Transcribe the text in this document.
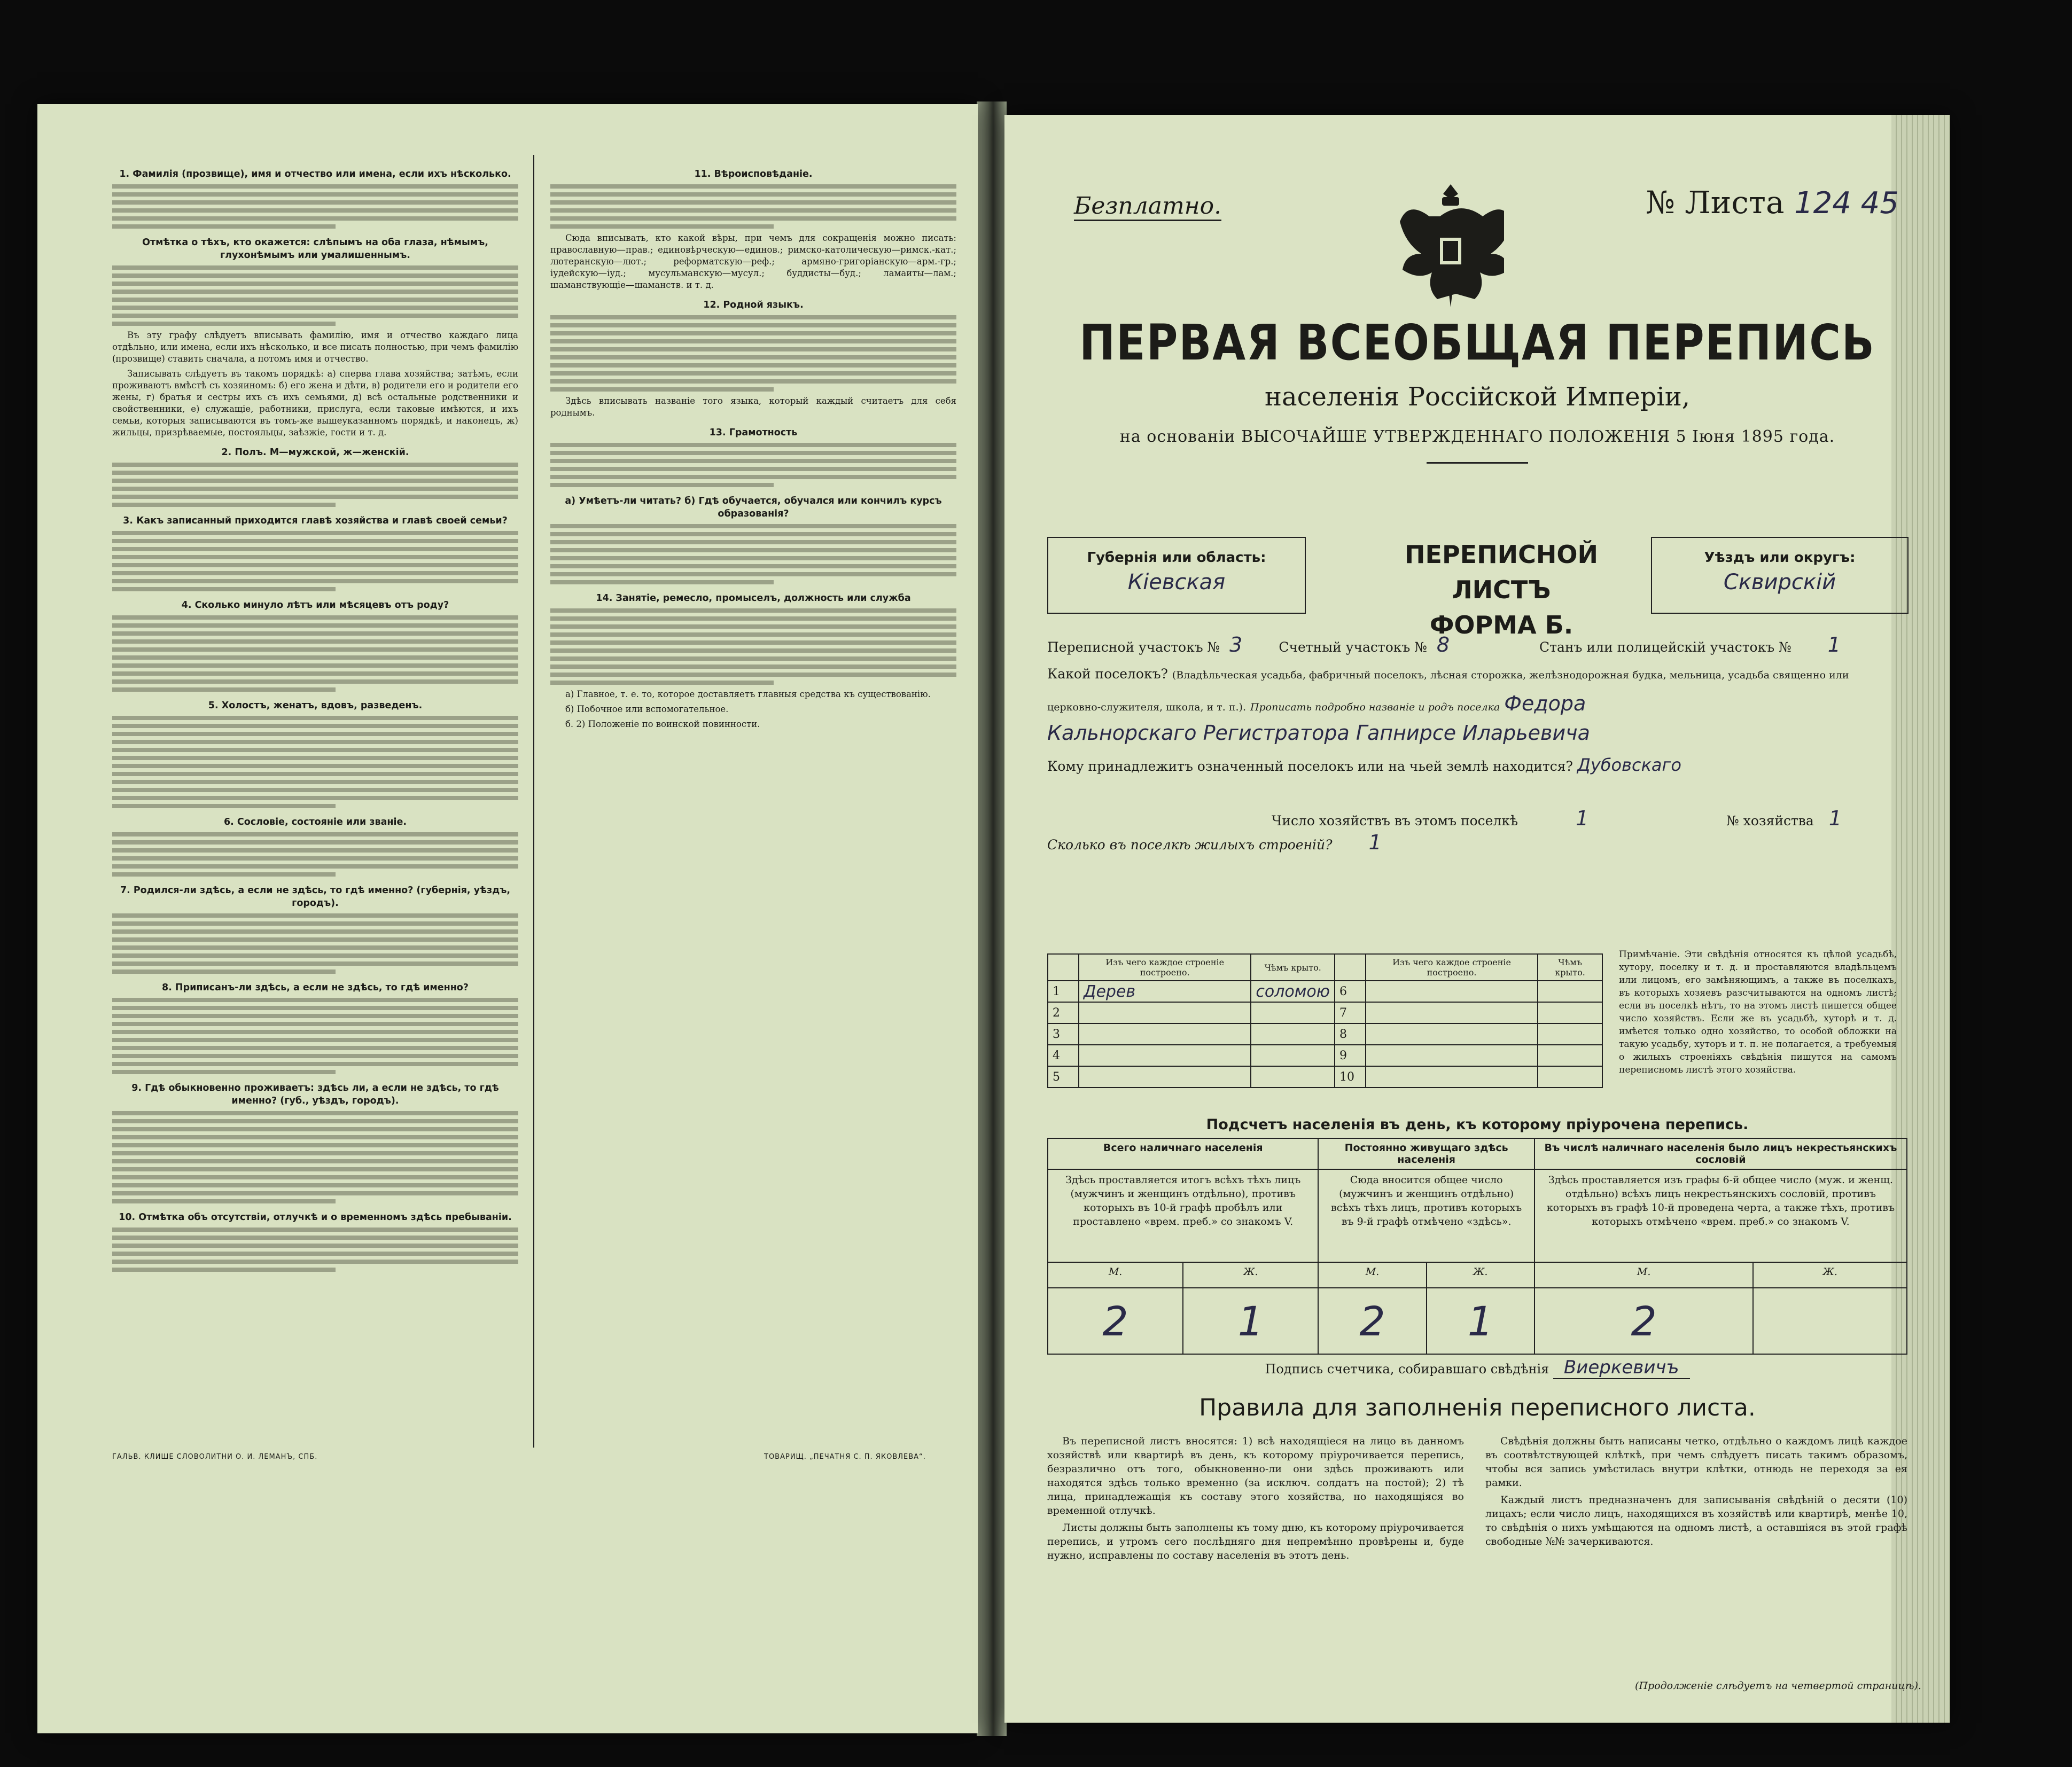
1. Фамилія (прозвище), имя и отчество или имена, если ихъ нѣсколько.
Отмѣтка о тѣхъ, кто окажется: слѣпымъ на оба глаза, нѣмымъ, глухонѣмымъ или умалишеннымъ.

Въ эту графу слѣдуетъ вписывать фамилію, имя и отчество каждаго лица отдѣльно, или имена, если ихъ нѣсколько, и все писать полностью, при чемъ фамилію (прозвище) ставить сначала, а потомъ имя и отчество.

Записывать слѣдуетъ въ такомъ порядкѣ: а) сперва глава хозяйства; затѣмъ, если проживаютъ вмѣстѣ съ хозяиномъ: б) его жена и дѣти, в) родители его и родители его жены, г) братья и сестры ихъ съ ихъ семьями, д) всѣ остальные родственники и свойственники, е) служащіе, работники, прислуга, если таковые имѣются, и ихъ семьи, которыя записываются въ томъ-же вышеуказанномъ порядкѣ, и наконецъ, ж) жильцы, призрѣваемые, постояльцы, заѣзжіе, гости и т. д.

2. Полъ. М—мужской, ж—женскій.
3. Какъ записанный приходится главѣ хозяйства и главѣ своей семьи?
4. Сколько минуло лѣтъ или мѣсяцевъ отъ роду?
5. Холостъ, женатъ, вдовъ, разведенъ.
6. Сословіе, состояніе или званіе.
7. Родился-ли здѣсь, а если не здѣсь, то гдѣ именно? (губернія, уѣздъ, городъ).
8. Приписанъ-ли здѣсь, а если не здѣсь, то гдѣ именно?
9. Гдѣ обыкновенно проживаетъ: здѣсь ли, а если не здѣсь, то гдѣ именно? (губ., уѣздъ, городъ).
10. Отмѣтка объ отсутствіи, отлучкѣ и о временномъ здѣсь пребываніи.
11. Вѣроисповѣданіе.

Сюда вписывать, кто какой вѣры, при чемъ для сокращенія можно писать: православную—прав.; единовѣрческую—единов.; римско-католическую—римск.-кат.; лютеранскую—лют.; реформатскую—реф.; армяно-григоріанскую—арм.-гр.; іудейскую—іуд.; мусульманскую—мусул.; буддисты—буд.; ламаиты—лам.; шаманствующіе—шаманств. и т. д.

12. Родной языкъ.

Здѣсь вписывать названіе того языка, который каждый считаетъ для себя роднымъ.

13. Грамотность
а) Умѣетъ-ли читать? б) Гдѣ обучается, обучался или кончилъ курсъ образованія?
14. Занятіе, ремесло, промыселъ, должность или служба

а) Главное, т. е. то, которое доставляетъ главныя средства къ существованію.

б) Побочное или вспомогательное.

б. 2) Положеніе по воинской повинности.

ГАЛЬВ. КЛИШЕ СЛОВОЛИТНИ О. И. ЛЕМАНЪ, СПБ.	ТОВАРИЩ. „ПЕЧАТНЯ С. П. ЯКОВЛЕВА“.
Безплатно.	№ Листа 124 45
ПЕРВАЯ ВСЕОБЩАЯ ПЕРЕПИСЬ
населенія Россійской Имперіи,
на основаніи ВЫСОЧАЙШЕ УТВЕРЖДЕННАГО ПОЛОЖЕНІЯ 5 Іюня 1895 года.
Губернія или область:
Кіевская
ПЕРЕПИСНОЙ ЛИСТЪ
ФОРМА Б.
Уѣздъ или округъ:
Сквирскій
Переписной участокъ № 3	Счетный участокъ № 8	Станъ или полицейскій участокъ № 1
Какой поселокъ? (Владѣльческая усадьба, фабричный поселокъ, лѣсная сторожка, желѣзнодорожная будка, мельница, усадьба священно или
церковно-служителя, школа, и т. п.). Прописать подробно названіе и родъ поселка Федора
Кальнорскаго Регистратора Гапнирсе Иларьевича
Кому принадлежитъ означенный поселокъ или на чьей землѣ находится? Дубовскаго
Число хозяйствъ въ этомъ поселкѣ	1	№ хозяйства 1
Сколько въ поселкѣ жилыхъ строеній? 1
	Изъ чего каждое строеніе построено.	Чѣмъ крыто.		Изъ чего каждое строеніе построено.	Чѣмъ крыто.
1	Дерев	соломою	6		
2			7		
3			8		
4			9		
5			10		
Примѣчаніе. Эти свѣдѣнія относятся къ цѣлой усадьбѣ, хутору, поселку и т. д. и проставляются владѣльцемъ или лицомъ, его замѣняющимъ, а также въ поселкахъ, въ которыхъ хозяевъ разсчитываются на одномъ листѣ; если въ поселкѣ нѣтъ, то на этомъ листѣ пишется общее число хозяйствъ. Если же въ усадьбѣ, хуторѣ и т. д. имѣется только одно хозяйство, то особой обложки на такую усадьбу, хуторъ и т. п. не полагается, а требуемыя о жилыхъ строеніяхъ свѣдѣнія пишутся на самомъ переписномъ листѣ этого хозяйства.
Подсчетъ населенія въ день, къ которому пріурочена перепись.
Всего наличнаго населенія		Постоянно живущаго здѣсь населенія		Въ числѣ наличнаго населенія было лицъ некрестьянскихъ сословій	
Здѣсь проставляется итогъ всѣхъ тѣхъ лицъ (мужчинъ и женщинъ отдѣльно), противъ которыхъ въ 10-й графѣ пробѣлъ или проставлено «врем. преб.» со знакомъ V.		Сюда вносится общее число (мужчинъ и женщинъ отдѣльно) всѣхъ тѣхъ лицъ, противъ которыхъ въ 9-й графѣ отмѣчено «здѣсь».		Здѣсь проставляется изъ графы 6-й общее число (муж. и женщ. отдѣльно) всѣхъ лицъ некрестьянскихъ сословій, противъ которыхъ въ графѣ 10-й проведена черта, а также тѣхъ, противъ которыхъ отмѣчено «врем. преб.» со знакомъ V.	
М.	Ж.	М.	Ж.	М.	Ж.
2	1	2	1	2	
Подпись счетчика, собиравшаго свѣдѣнія Виеркевичъ
Правила для заполненія переписного листа.

Въ переписной листъ вносятся: 1) всѣ находящіеся на лицо въ данномъ хозяйствѣ или квартирѣ въ день, къ которому пріурочивается перепись, безразлично отъ того, обыкновенно-ли они здѣсь проживаютъ или находятся здѣсь только временно (за исключ. солдатъ на постой); 2) тѣ лица, принадлежащія къ составу этого хозяйства, но находящіяся во временной отлучкѣ.

Листы должны быть заполнены къ тому дню, къ которому пріурочивается перепись, и утромъ сего послѣдняго дня непремѣнно провѣрены и, буде нужно, исправлены по составу населенія въ этотъ день.

Свѣдѣнія должны быть написаны четко, отдѣльно о каждомъ лицѣ каждое въ соотвѣтствующей клѣткѣ, при чемъ слѣдуетъ писать такимъ образомъ, чтобы вся запись умѣстилась внутри клѣтки, отнюдь не переходя за ея рамки.

Каждый листъ предназначенъ для записыванія свѣдѣній о десяти (10) лицахъ; если число лицъ, находящихся въ хозяйствѣ или квартирѣ, менѣе 10, то свѣдѣнія о нихъ умѣщаются на одномъ листѣ, а оставшіяся въ этой графѣ свободные №№ зачеркиваются.

(Продолженіе слѣдуетъ на четвертой страницѣ).
